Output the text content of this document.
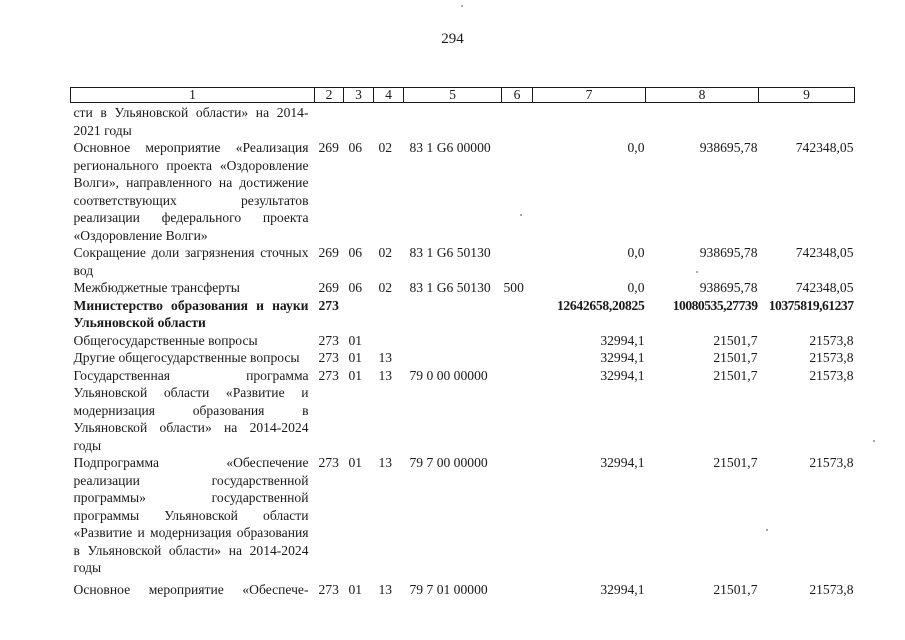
294
1	2	3	4	5	6	7	8	9
сти в Ульяновской области» на 2014-2021 годы								
Основное мероприятие «Реализация регионального проекта «Оздоровление Волги», направленного на достижение соответствующих результатов реализации федерального проекта «Оздоровление Волги»	269	06	02	83 1 G6 00000		0,0	938695,78	742348,05
Сокращение доли загрязнения сточных вод	269	06	02	83 1 G6 50130		0,0	938695,78	742348,05
Межбюджетные трансферты	269	06	02	83 1 G6 50130	500	0,0	938695,78	742348,05
Министерство образования и науки Ульяновской области	273					12642658,20825	10080535,27739	10375819,61237
Общегосударственные вопросы	273	01				32994,1	21501,7	21573,8
Другие общегосударственные вопросы	273	01	13			32994,1	21501,7	21573,8
Государственная программа Ульяновской области «Развитие и модернизация образования в Ульяновской области» на 2014-2024 годы	273	01	13	79 0 00 00000		32994,1	21501,7	21573,8
Подпрограмма «Обеспечение реализации государственной программы» государственной программы Ульяновской области «Развитие и модернизация образования в Ульяновской области» на 2014-2024 годы	273	01	13	79 7 00 00000		32994,1	21501,7	21573,8
Основное мероприятие «Обеспече-	273	01	13	79 7 01 00000		32994,1	21501,7	21573,8
